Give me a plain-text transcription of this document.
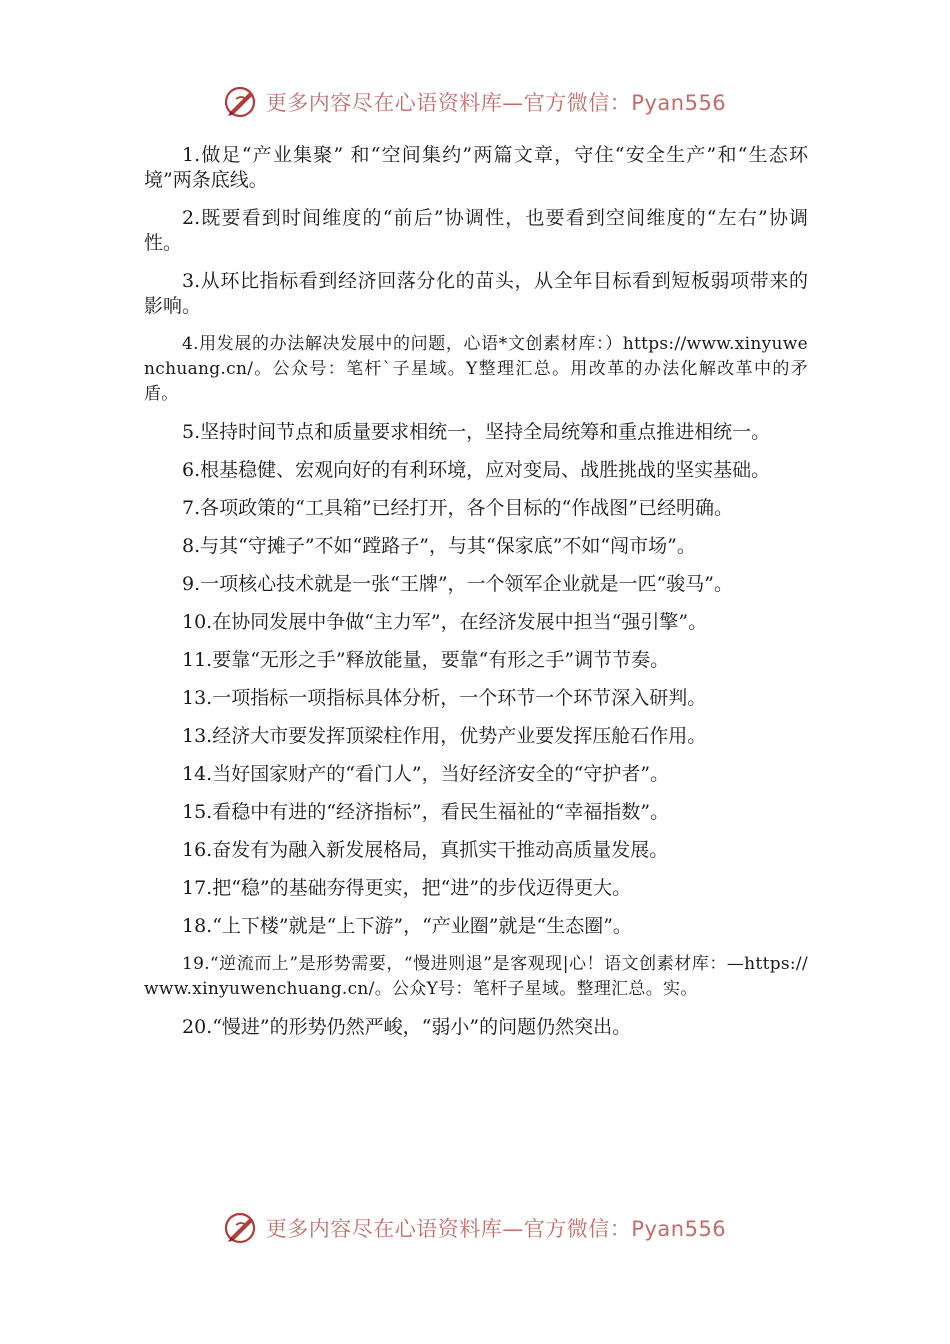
更多内容尽在心语资料库—官方微信：Pyan556

1.做足“产业集聚” 和“空间集约”两篇文章，守住“安全生产”和“生态环境”两条底线。

2.既要看到时间维度的“前后”协调性，也要看到空间维度的“左右”协调性。

3.从环比指标看到经济回落分化的苗头，从全年目标看到短板弱项带来的影响。

4.用发展的办法解决发展中的问题，心语*文创素材库：）https://www.xinyuwenchuang.cn/。公众号：笔杆`子星域。Y整理汇总。用改革的办法化解改革中的矛盾。

5.坚持时间节点和质量要求相统一，坚持全局统筹和重点推进相统一。

6.根基稳健、宏观向好的有利环境，应对变局、战胜挑战的坚实基础。

7.各项政策的“工具箱”已经打开，各个目标的“作战图”已经明确。

8.与其“守摊子”不如“蹚路子”，与其“保家底”不如“闯市场”。

9.一项核心技术就是一张“王牌”，一个领军企业就是一匹“骏马”。

10.在协同发展中争做“主力军”，在经济发展中担当“强引擎”。

11.要靠“无形之手”释放能量，要靠“有形之手”调节节奏。

13.一项指标一项指标具体分析，一个环节一个环节深入研判。

13.经济大市要发挥顶梁柱作用，优势产业要发挥压舱石作用。

14.当好国家财产的“看门人”，当好经济安全的“守护者”。

15.看稳中有进的“经济指标”，看民生福祉的“幸福指数”。

16.奋发有为融入新发展格局，真抓实干推动高质量发展。

17.把“稳”的基础夯得更实，把“进”的步伐迈得更大。

18.“上下楼”就是“上下游”，“产业圈”就是“生态圈”。

19.“逆流而上”是形势需要，“慢进则退”是客观现|心！语文创素材库：—https://www.xinyuwenchuang.cn/。公众Y号：笔杆子星域。整理汇总。实。

20.“慢进”的形势仍然严峻，“弱小”的问题仍然突出。

更多内容尽在心语资料库—官方微信：Pyan556
